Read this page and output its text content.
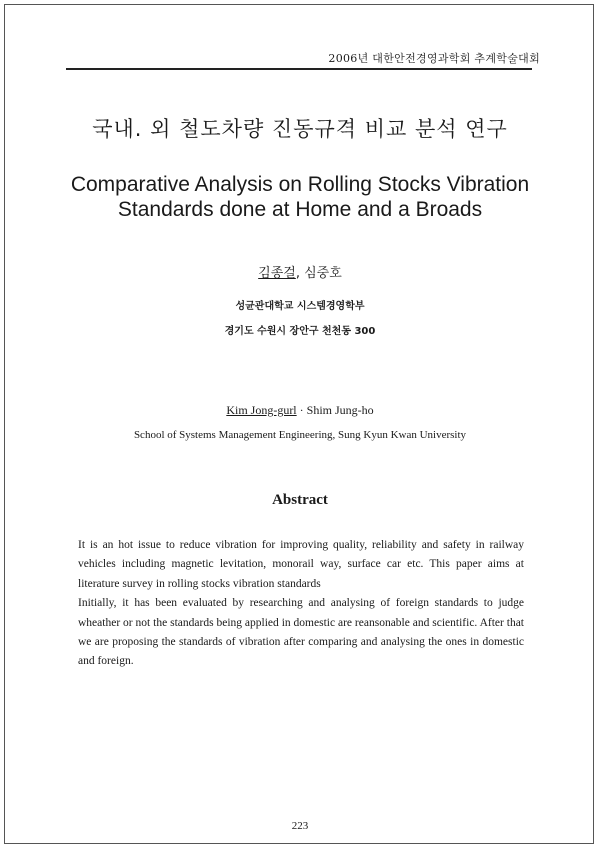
2006년 대한안전경영과학회 추계학술대회
국내. 외 철도차량 진동규격 비교 분석 연구
Comparative Analysis on Rolling Stocks Vibration
Standards done at Home and a Broads
김종걸, 심중호
성균관대학교 시스템경영학부
경기도 수원시 장안구 천천동 300
Kim Jong-gurl · Shim Jung-ho
School of Systems Management Engineering, Sung Kyun Kwan University
Abstract

It is an hot issue to reduce vibration for improving quality, reliability and safety in railway vehicles including magnetic levitation, monorail way, surface car etc. This paper aims at literature survey in rolling stocks vibration standards

Initially, it has been evaluated by researching and analysing of foreign standards to judge wheather or not the standards being applied in domestic are reansonable and scientific. After that we are proposing the standards of vibration after comparing and analysing the ones in domestic and foreign.

223
